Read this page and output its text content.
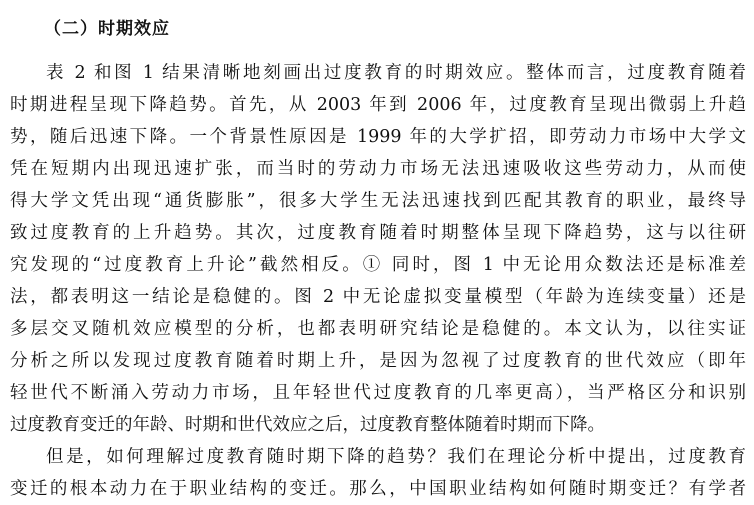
（二）时期效应
表 2 和图 1 结果清晰地刻画出过度教育的时期效应。整体而言，过度教育随着
时期进程呈现下降趋势。首先，从 2003 年到 2006 年，过度教育呈现出微弱上升趋
势，随后迅速下降。一个背景性原因是 1999 年的大学扩招，即劳动力市场中大学文
凭在短期内出现迅速扩张，而当时的劳动力市场无法迅速吸收这些劳动力，从而使
得大学文凭出现“通货膨胀”，很多大学生无法迅速找到匹配其教育的职业，最终导
致过度教育的上升趋势。其次，过度教育随着时期整体呈现下降趋势，这与以往研
究发现的“过度教育上升论”截然相反。① 同时，图 1 中无论用众数法还是标准差
法，都表明这一结论是稳健的。图 2 中无论虚拟变量模型（年龄为连续变量）还是
多层交叉随机效应模型的分析，也都表明研究结论是稳健的。本文认为，以往实证
分析之所以发现过度教育随着时期上升，是因为忽视了过度教育的世代效应（即年
轻世代不断涌入劳动力市场，且年轻世代过度教育的几率更高），当严格区分和识别
过度教育变迁的年龄、时期和世代效应之后，过度教育整体随着时期而下降。
但是，如何理解过度教育随时期下降的趋势？我们在理论分析中提出，过度教育
变迁的根本动力在于职业结构的变迁。那么，中国职业结构如何随时期变迁？有学者
